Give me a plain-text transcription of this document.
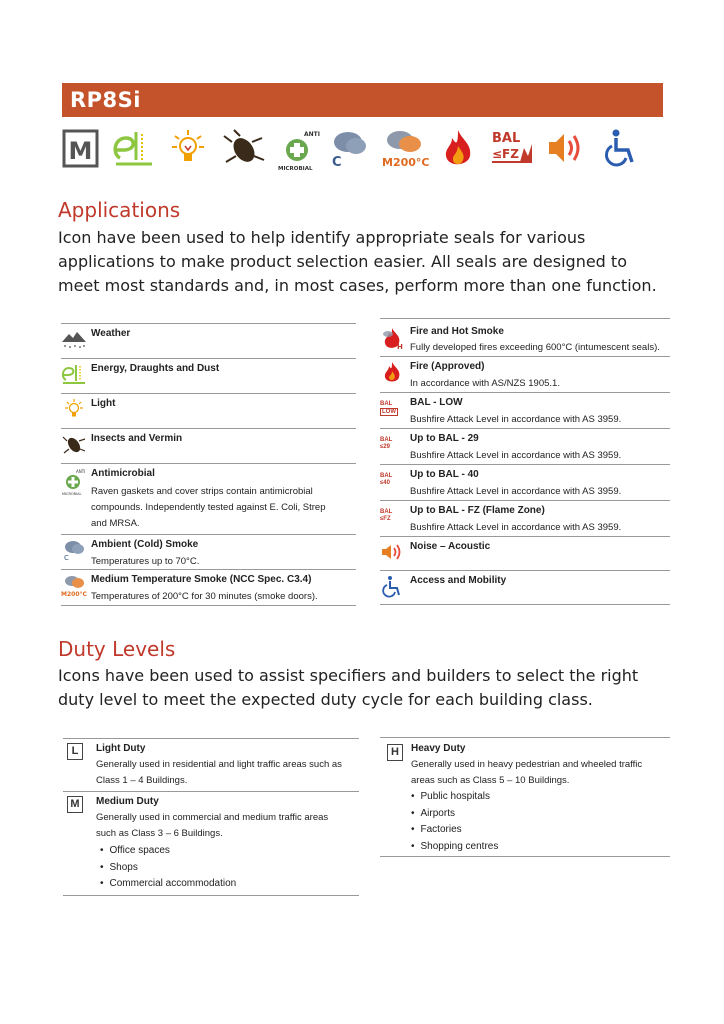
RP8Si
M
ANTI
MICROBIAL C	M200°C
BAL
≤FZ
Applications
Icon have been used to help identify appropriate seals for various
applications to make product selection easier. All seals are designed to
meet most standards and, in most cases, perform more than one function.
Weather
Energy, Draughts and Dust
Light
Insects and Vermin
ANTI
MICROBIAL
Antimicrobial
Raven gaskets and cover strips contain antimicrobial
compounds. Independently tested against E. Coli, Strep
and MRSA.
C
Ambient (Cold) Smoke
Temperatures up to 70°C.
M200°C
Medium Temperature Smoke (NCC Spec. C3.4)
Temperatures of 200°C for 30 minutes (smoke doors).
H
Fire and Hot Smoke
Fully developed fires exceeding 600°C (intumescent seals).
Fire (Approved)
In accordance with AS/NZS 1905.1.
BAL
LOW
BAL - LOW
Bushfire Attack Level in accordance with AS 3959.
BAL
≤29
Up to BAL - 29
Bushfire Attack Level in accordance with AS 3959.
BAL
≤40
Up to BAL - 40
Bushfire Attack Level in accordance with AS 3959.
BAL
≤FZ
Up to BAL - FZ (Flame Zone)
Bushfire Attack Level in accordance with AS 3959.
Noise – Acoustic
Access and Mobility
Duty Levels
Icons have been used to assist specifiers and builders to select the right
duty level to meet the expected duty cycle for each building class.
L	Light Duty
Generally used in residential and light traffic areas such as
Class 1 – 4 Buildings.
M	Medium Duty
Generally used in commercial and medium traffic areas
such as Class 3 – 6 Buildings.
• Office spaces
• Shops
• Commercial accommodation
H	Heavy Duty
Generally used in heavy pedestrian and wheeled traffic
areas such as Class 5 – 10 Buildings.
• Public hospitals
• Airports
• Factories
• Shopping centres
